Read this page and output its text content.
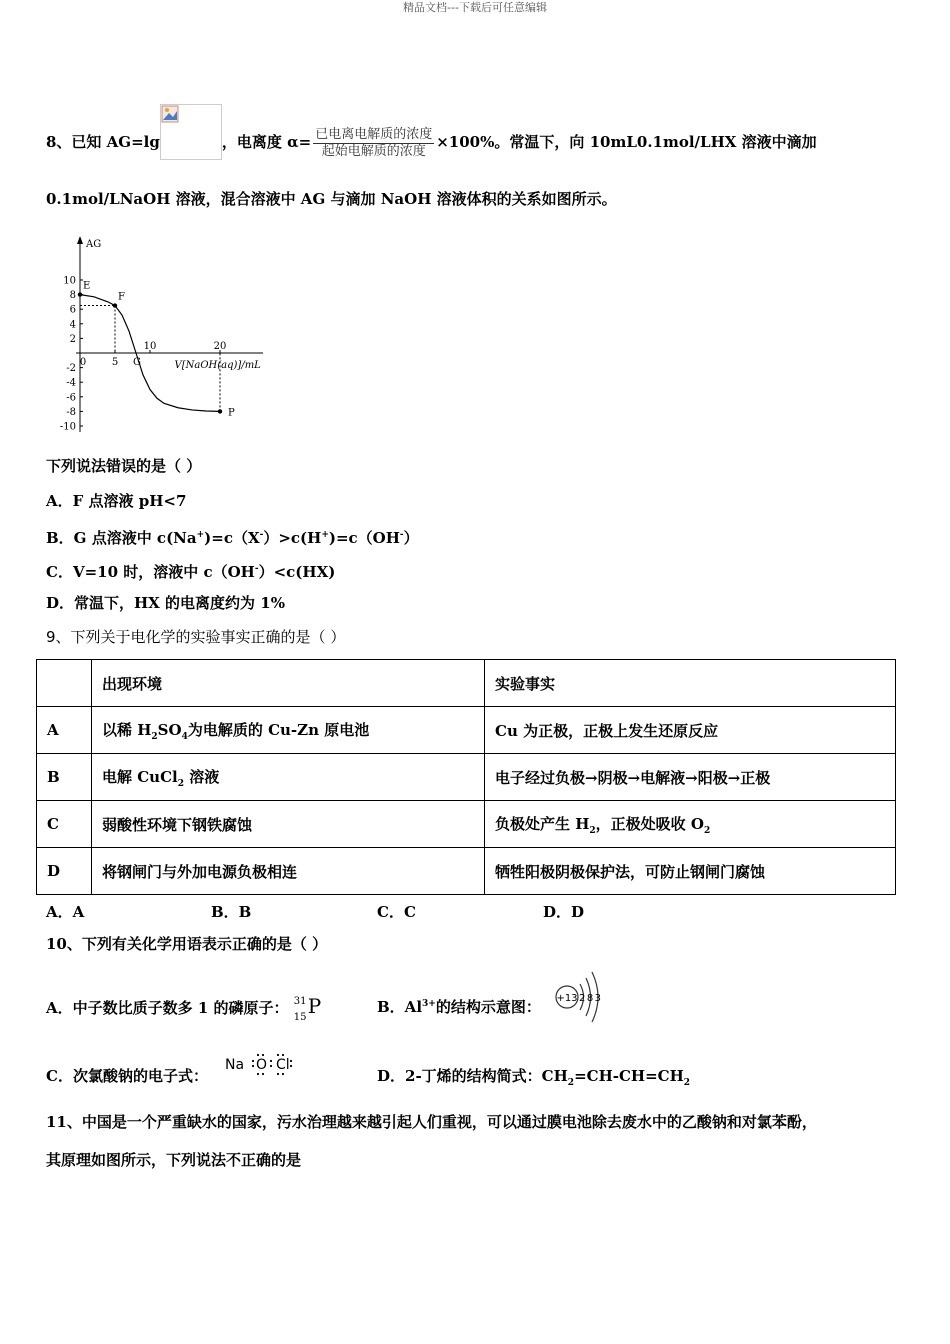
精品文档---下载后可任意编辑
8、已知 AG=lg	，电离度 $\alpha= \frac{\text{已电离电解质的浓度}}{\text{起始电解质的浓度}} \times 100\%$。常温下，向 10mL0.1mol/LHX 溶液中滴加
0.1mol/LNaOH 溶液，混合溶液中 AG 与滴加 NaOH 溶液体积的关系如图所示。
AG
V[NaOH(aq)]/mL
10
8
6
4
2
-2
-4
-6
-8
-10
0	5
10	20
E
F
G
P
下列说法错误的是（ ）
A．F 点溶液 pH<7
B．G 点溶液中 c(Na+)=c（X-）>c(H+)=c（OH-）
C．V=10 时，溶液中 c（OH-）<c(HX)
D．常温下，HX 的电离度约为 1%
9、下列关于电化学的实验事实正确的是（ ）
	出现环境	实验事实
A	以稀 $H_2SO_4$为电解质的 Cu-Zn 原电池	Cu 为正极，正极上发生还原反应
B	电解 CuCl$_2$ 溶液	电子经过负极→阴极→电解液→阳极→正极
C	弱酸性环境下钢铁腐蚀	负极处产生 $H_2$，正极处吸收 $O_2$
D	将钢闸门与外加电源负极相连	牺牲阳极阴极保护法，可防止钢闸门腐蚀
A．A	B．B	C．C	D．D
10、下列有关化学用语表示正确的是（ ）
A．中子数比质子数多 1 的磷原子： 31
15 P	B．$Al^{3+}$的结构示意图： +13 283
C．次氯酸钠的电子式：
Na O Cl
D．2-丁烯的结构简式：$CH_2=CH-CH=CH_2$
11、中国是一个严重缺水的国家，污水治理越来越引起人们重视，可以通过膜电池除去废水中的乙酸钠和对氯苯酚，
其原理如图所示，下列说法不正确的是
